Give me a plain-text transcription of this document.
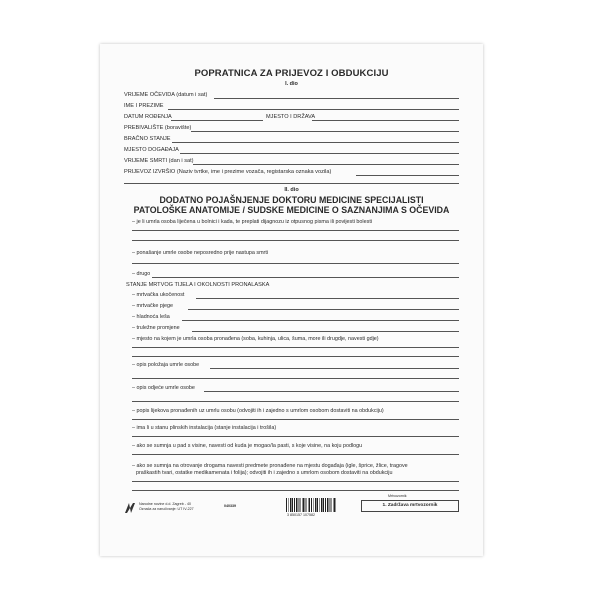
POPRATNICA ZA PRIJEVOZ I OBDUKCIJU
I. dio
VRIJEME OČEVIDA (datum i sat)
IME I PREZIME
DATUM ROĐENJA	MJESTO I DRŽAVA
PREBIVALIŠTE (boravište)
BRAČNO STANJE
MJESTO DOGAĐAJA
VRIJEME SMRTI (dan i sat)
PRIJEVOZ IZVRŠIO (Naziv tvrtke, ime i prezime vozača, registarska oznaka vozila)
II. dio
DODATNO POJAŠNJENJE DOKTORU MEDICINE SPECIJALISTI
PATOLOŠKE ANATOMIJE / SUDSKE MEDICINE O SAZNANJIMA S OČEVIDA
– je li umrla osoba liječena u bolnici i kada, te preplati dijagnozu iz otpusnog pisma ili povijesti bolesti
– ponašanje umrle osobe neposredno prije nastupa smrti
– drugo
STANJE MRTVOG TIJELA I OKOLNOSTI PRONALASKA
– mrtvačka ukočenost
– mrtvačke pjege
– hladnoća leša
– truležne promjene
– mjesto na kojem je umrla osoba pronađena (soba, kuhinja, ulica, šuma, more ili drugdje, navesti gdje)
– opis položaja umrle osobe
– opis odjeće umrle osobe
– popis lijekova pronađenih uz umrlu osobu (odvojiti ih i zajedno s umrlom osobom dostaviti na obdukciju)
– ima li u stanu plinskih instalacija (stanje instalacija i trošila)
– ako se sumnja u pad s visine, navesti od kuda je mogao/la pasti, s koje visine, na koju podlogu
– ako se sumnja na otrovanje drogama navesti predmete pronađene na mjestu događaja (igle, šprice, žlice, tragove
praškastih tvari, ostatke medikamenata i folija); odvojiti ih i zajedno s umrlom osobom dostaviti na obdukciju
Narodne novine d.d. Zagreb - 40
Označa za naručivanje: UT IV-227
040339
3 850157 107582
Mrtvozornik
1. Zadržava mrtvozornik
